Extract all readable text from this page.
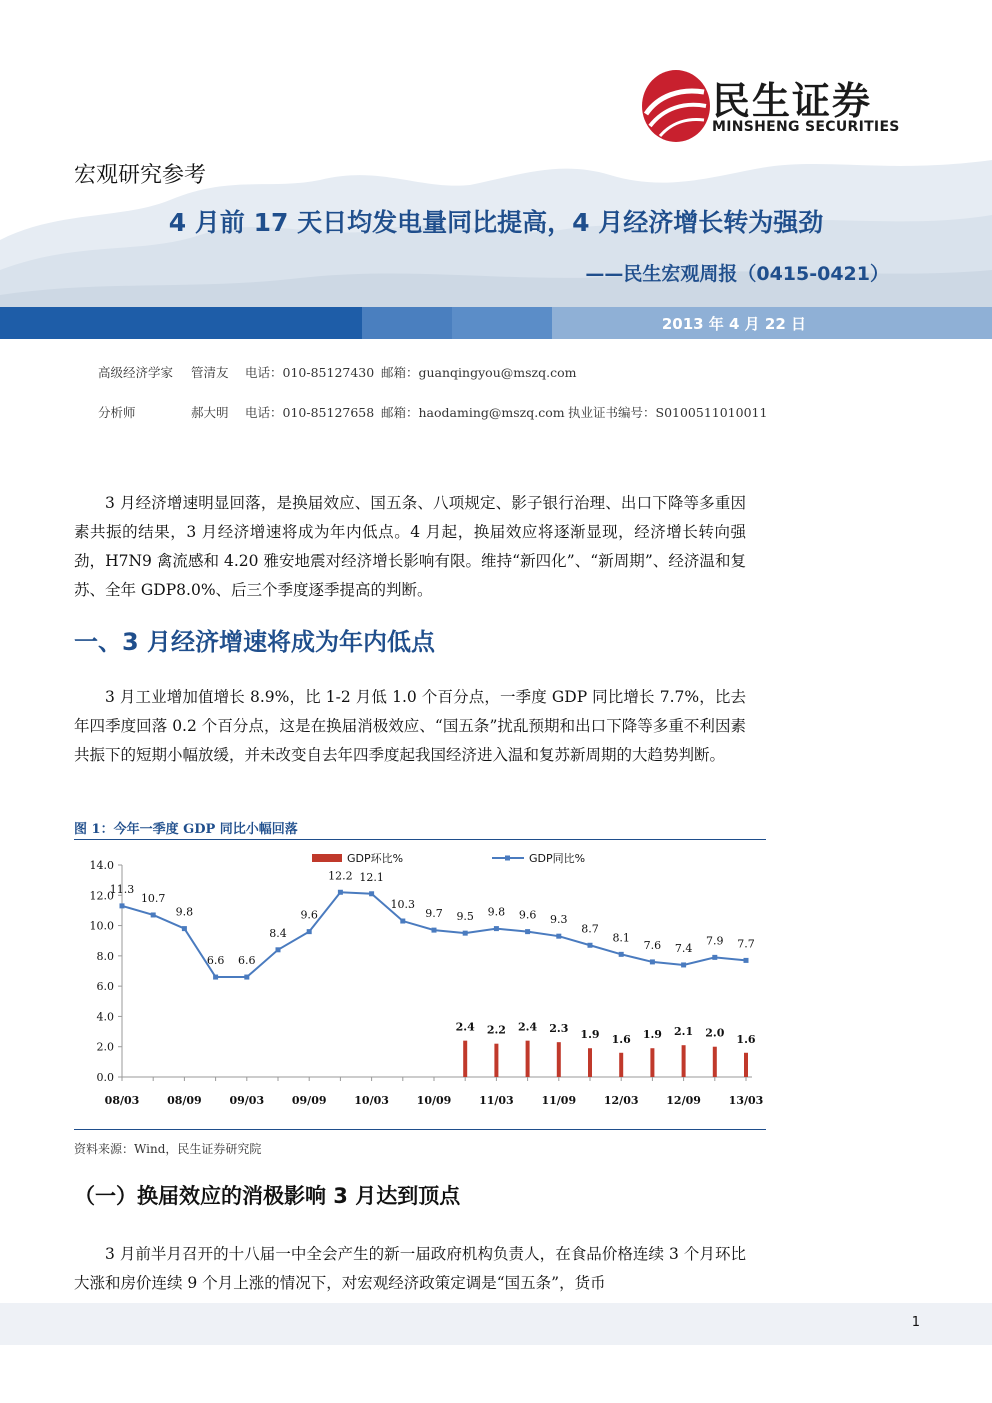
民生证券
MINSHENG SECURITIES
宏观研究参考
4 月前 17 天日均发电量同比提高，4 月经济增长转为强劲
——民生宏观周报（0415-0421）
2013 年 4 月 22 日
高级经济学家 管清友 电话：010-85127430 邮箱：guanqingyou@mszq.com
分析师	郝大明 电话：010-85127658 邮箱：haodaming@mszq.com 执业证书编号：S0100511010011
3 月经济增速明显回落，是换届效应、国五条、八项规定、影子银行治理、出口下降等多重因素共振的结果，3 月经济增速将成为年内低点。4 月起，换届效应将逐渐显现，经济增长转向强劲，H7N9 禽流感和 4.20 雅安地震对经济增长影响有限。维持“新四化”、“新周期”、经济温和复苏、全年 GDP8.0%、后三个季度逐季提高的判断。
一、3 月经济增速将成为年内低点
3 月工业增加值增长 8.9%，比 1-2 月低 1.0 个百分点，一季度 GDP 同比增长 7.7%，比去年四季度回落 0.2 个百分点，这是在换届消极效应、“国五条”扰乱预期和出口下降等多重不利因素共振下的短期小幅放缓，并未改变自去年四季度起我国经济进入温和复苏新周期的大趋势判断。
图 1：今年一季度 GDP 同比小幅回落
GDP环比%	GDP同比%
0.0
2.0
4.0
6.0
8.0
10.0
12.0
14.0
08/03	08/09	09/03	09/09	10/03	10/09	11/03	11/09	12/03	12/09	13/03
2.4 2.2 2.4 2.3 1.9 1.6 1.9 2.1 2.0 1.6
11.3
10.7
9.8
6.6 6.6
8.4
9.6
12.2 12.1
10.3
9.7 9.5 9.8 9.6 9.3
8.7
8.1
7.6 7.4
7.9 7.7
资料来源：Wind，民生证券研究院
（一）换届效应的消极影响 3 月达到顶点
3 月前半月召开的十八届一中全会产生的新一届政府机构负责人，在食品价格连续 3 个月环比大涨和房价连续 9 个月上涨的情况下，对宏观经济政策定调是“国五条”，货币
1
